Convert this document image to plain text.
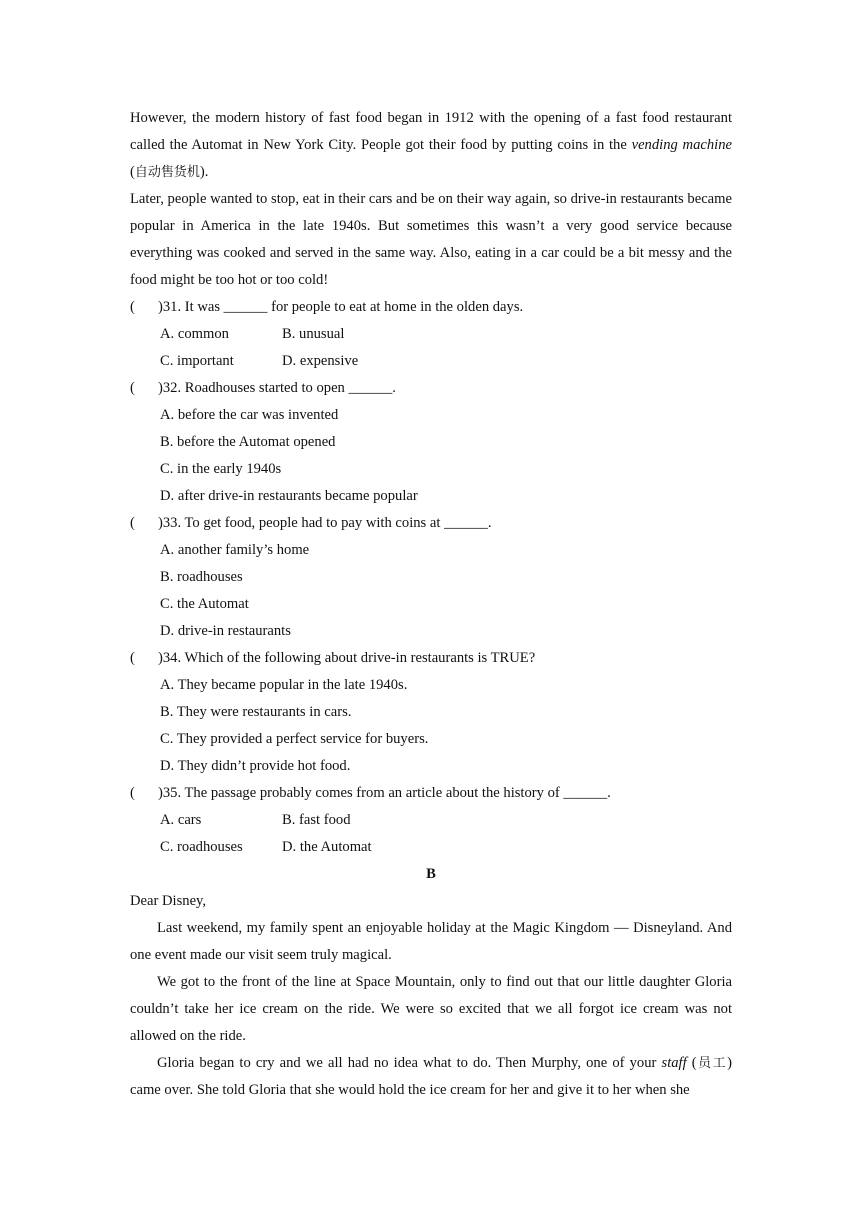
However, the modern history of fast food began in 1912 with the opening of a fast food restaurant called the Automat in New York City. People got their food by putting coins in the vending machine (自动售货机).

Later, people wanted to stop, eat in their cars and be on their way again, so drive-in restaurants became popular in America in the late 1940s. But sometimes this wasn’t a very good service because everything was cooked and served in the same way. Also, eating in a car could be a bit messy and the food might be too hot or too cold!

(	)31. It was ______ for people to eat at home in the olden days.
A. common	B. unusual
C. important	D. expensive
(	)32. Roadhouses started to open ______.
A. before the car was invented
B. before the Automat opened
C. in the early 1940s
D. after drive-in restaurants became popular
(	)33. To get food, people had to pay with coins at ______.
A. another family’s home
B. roadhouses
C. the Automat
D. drive-in restaurants
(	)34. Which of the following about drive-in restaurants is TRUE?
A. They became popular in the late 1940s.
B. They were restaurants in cars.
C. They provided a perfect service for buyers.
D. They didn’t provide hot food.
(	)35. The passage probably comes from an article about the history of ______.
A. cars	B. fast food
C. roadhouses	D. the Automat

B

Dear Disney,

Last weekend, my family spent an enjoyable holiday at the Magic Kingdom — Disneyland. And one event made our visit seem truly magical.

We got to the front of the line at Space Mountain, only to find out that our little daughter Gloria couldn’t take her ice cream on the ride. We were so excited that we all forgot ice cream was not allowed on the ride.

Gloria began to cry and we all had no idea what to do. Then Murphy, one of your staff (员工) came over. She told Gloria that she would hold the ice cream for her and give it to her when she
